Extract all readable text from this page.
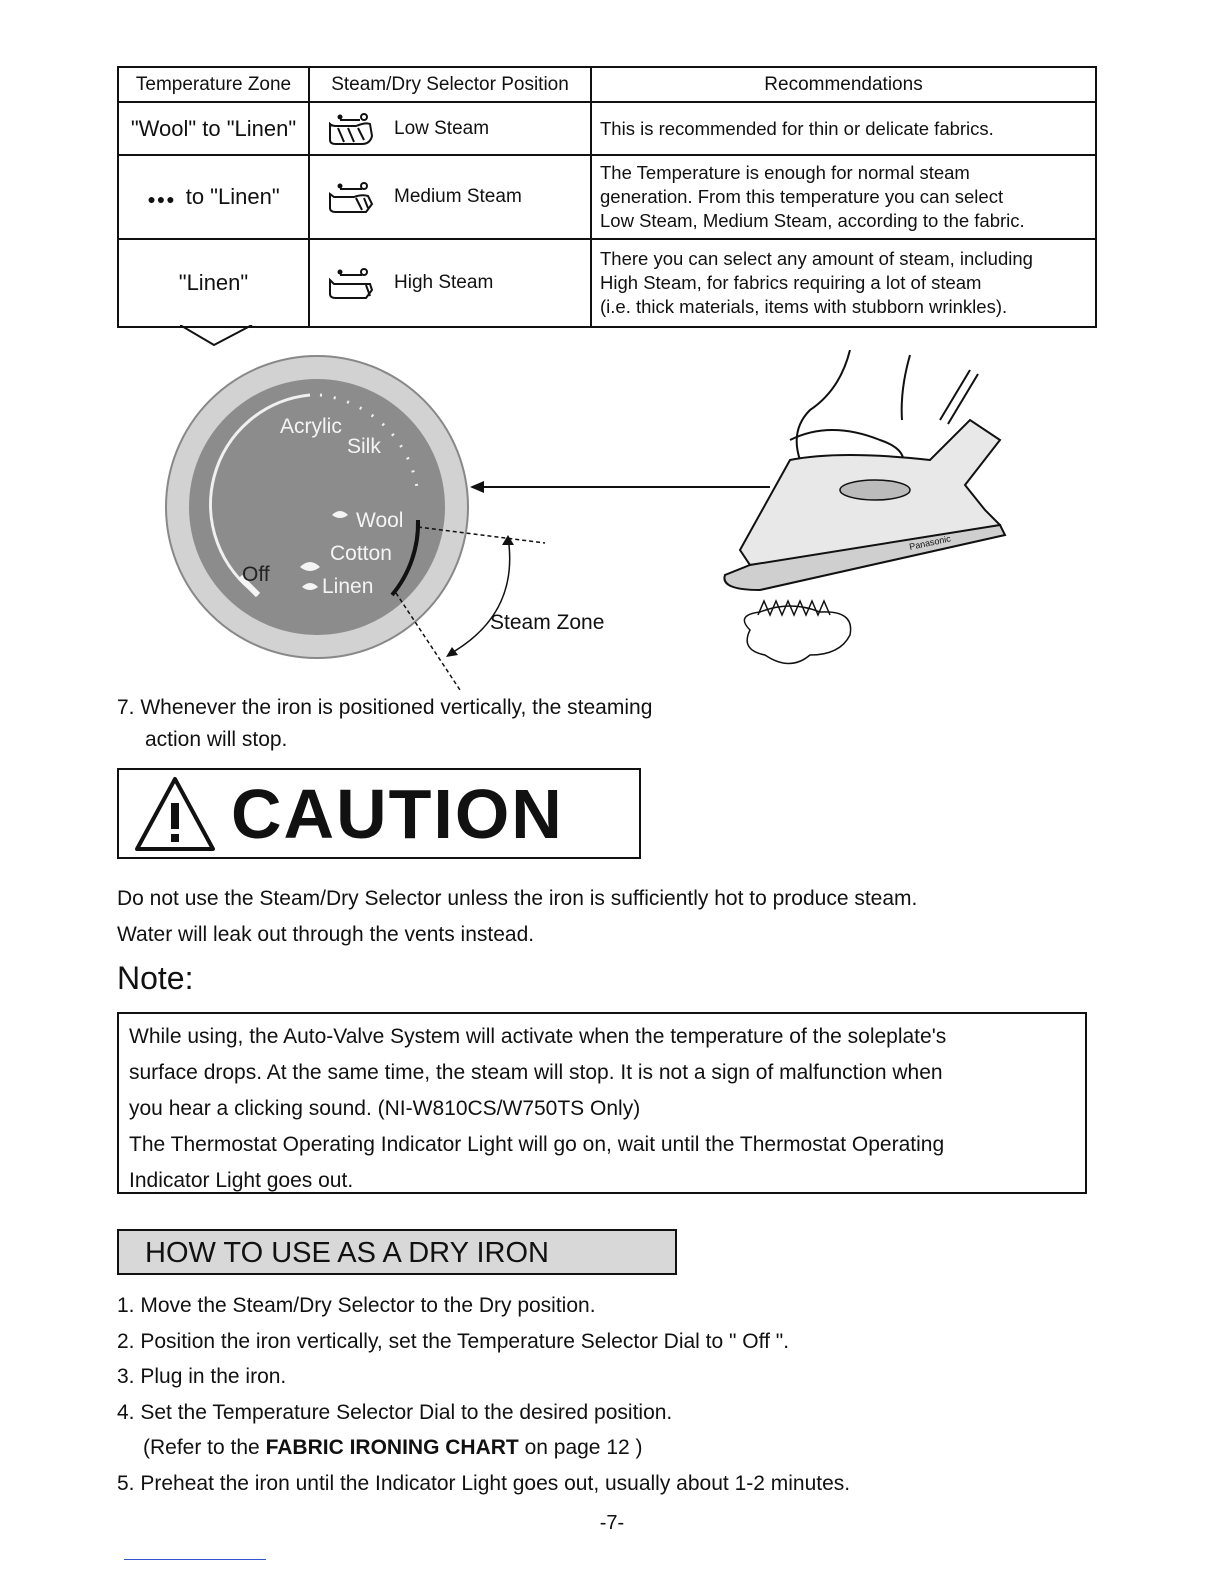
Temperature Zone	Steam/Dry Selector Position	Recommendations
"Wool" to "Linen"	Low Steam	This is recommended for thin or delicate fabrics.

●●● to "Linen"	Medium Steam	The Temperature is enough for normal steam
generation. From this temperature you can select
Low Steam, Medium Steam, according to the fabric.

"Linen"	High Steam	There you can select any amount of steam, including
High Steam, for fabrics requiring a lot of steam
(i.e. thick materials, items with stubborn wrinkles).
Acrylic
Silk
Wool
Cotton
Linen
Off
Steam Zone
Panasonic
7. Whenever the iron is positioned vertically, the steaming
action will stop.
CAUTION
Do not use the Steam/Dry Selector unless the iron is sufficiently hot to produce steam.
Water will leak out through the vents instead.
Note:
While using, the Auto-Valve System will activate when the temperature of the soleplate's
surface drops. At the same time, the steam will stop. It is not a sign of malfunction when
you hear a clicking sound. (NI-W810CS/W750TS Only)
The Thermostat Operating Indicator Light will go on, wait until the Thermostat Operating
Indicator Light goes out.
HOW TO USE AS A DRY IRON
1. Move the Steam/Dry Selector to the Dry position.
2. Position the iron vertically, set the Temperature Selector Dial to " Off ".
3. Plug in the iron.
4. Set the Temperature Selector Dial to the desired position.
(Refer to the FABRIC IRONING CHART on page 12 )
5. Preheat the iron until the Indicator Light goes out, usually about 1-2 minutes.
-7-
